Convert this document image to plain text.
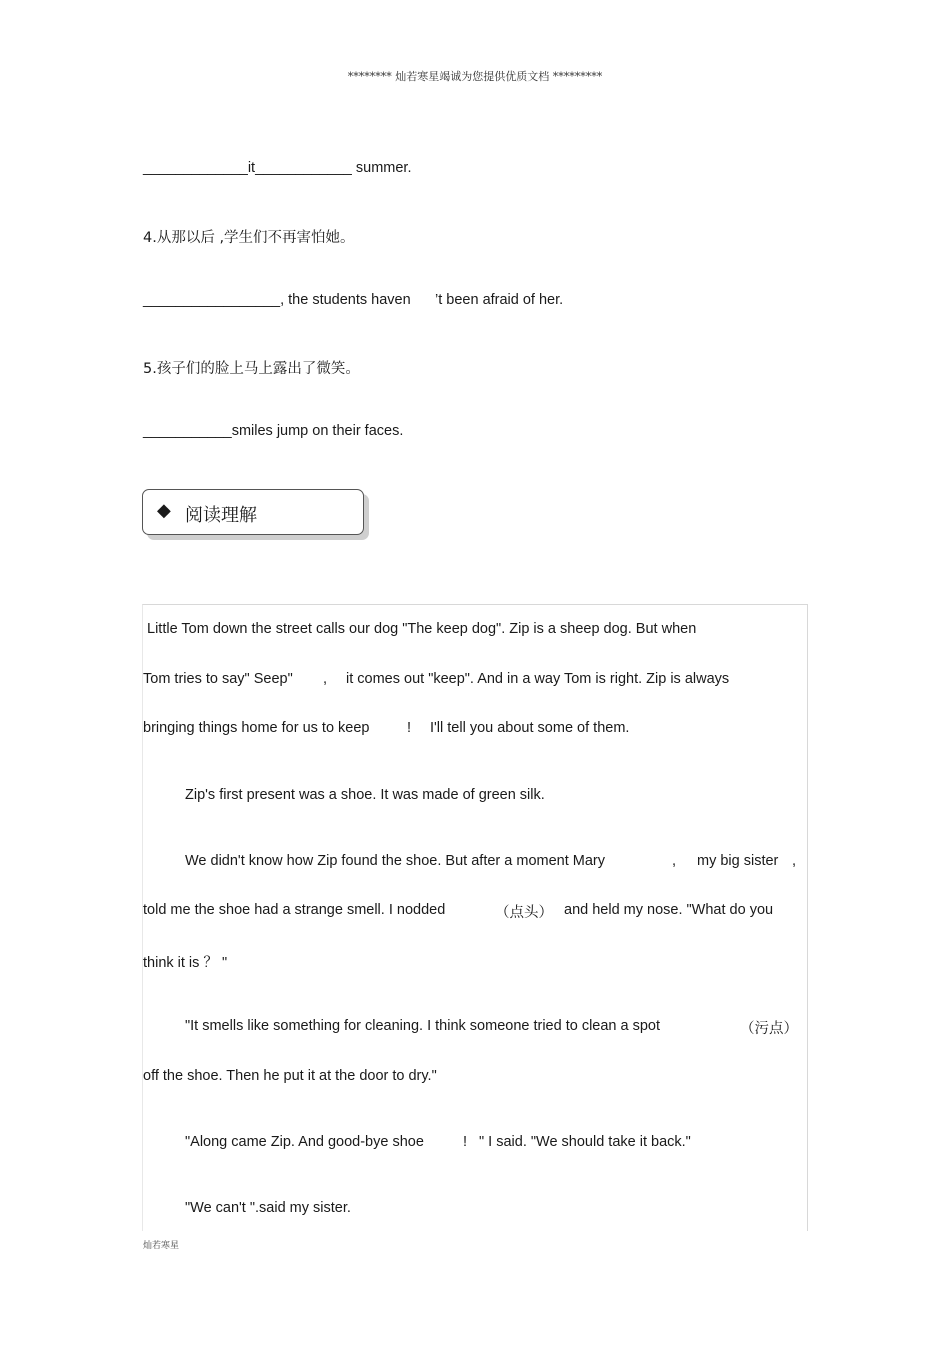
******** 灿若寒星竭诚为您提供优质文档 *********
_____________it____________ summer.
4.从那以后 ,学生们不再害怕她。
_________________, the students haven ’t been afraid of her.
5.孩子们的脸上马上露出了微笑。
___________smiles jump on their faces.
◆ 阅读理解
Little Tom down the street calls our dog "The keep dog". Zip is a sheep dog. But when
Tom tries to say" Seep" , it comes out "keep". And in a way Tom is right. Zip is always
bringing things home for us to keep	! I'll tell you about some of them.
Zip's first present was a shoe. It was made of green silk.
We didn't know how Zip found the shoe. But after a moment Mary	, my big sister ,
told me the shoe had a strange smell. I nodded	（点头） and held my nose. "What do you
think it is ？ "
"It smells like something for cleaning. I think someone tried to clean a spot	（污点）
off the shoe. Then he put it at the door to dry."
"Along came Zip. And good-bye shoe	! " I said. "We should take it back."
"We can't ".said my sister.
灿若寒星
